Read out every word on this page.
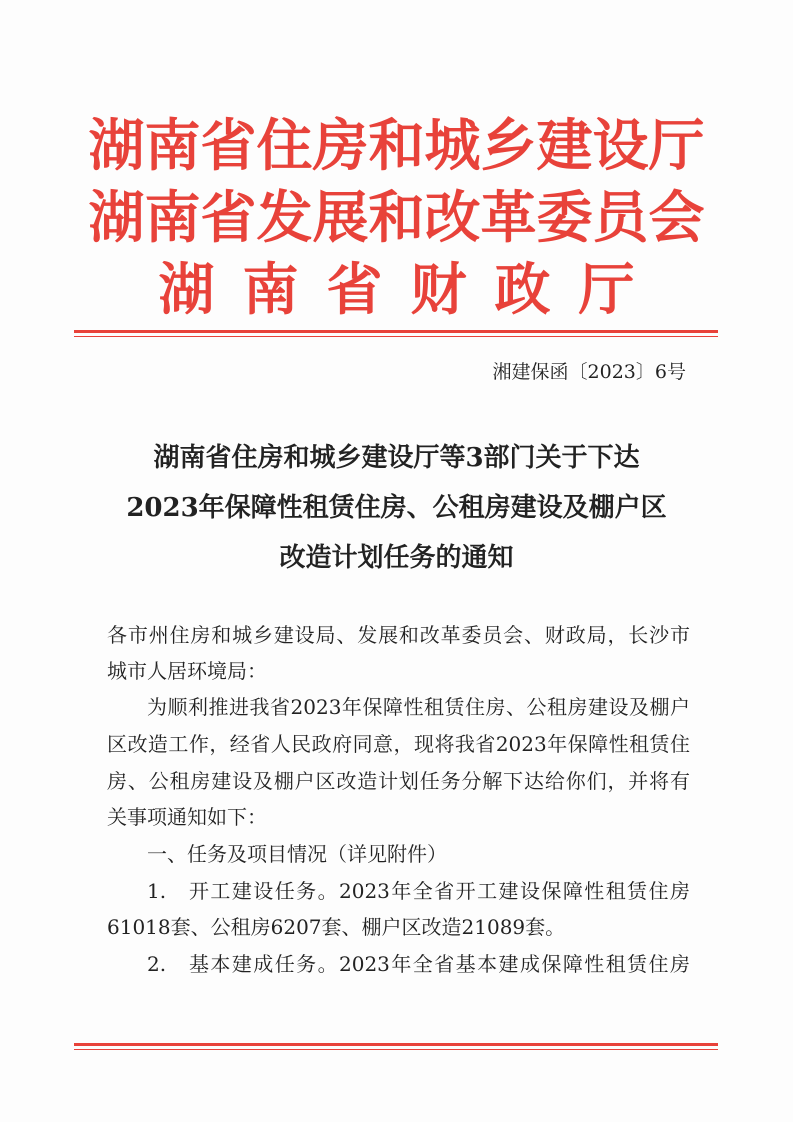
湖南省住房和城乡建设厅
湖南省发展和改革委员会
湖南省财政厅
湘建保函〔2023〕6号
湖南省住房和城乡建设厅等3部门关于下达
2023年保障性租赁住房、公租房建设及棚户区
改造计划任务的通知
各市州住房和城乡建设局、发展和改革委员会、财政局，长沙市
城市人居环境局：
为顺利推进我省2023年保障性租赁住房、公租房建设及棚户
区改造工作，经省人民政府同意，现将我省2023年保障性租赁住
房、公租房建设及棚户区改造计划任务分解下达给你们，并将有
关事项通知如下：
一、任务及项目情况（详见附件）
1.　开工建设任务。2023年全省开工建设保障性租赁住房
61018套、公租房6207套、棚户区改造21089套。
2.　基本建成任务。2023年全省基本建成保障性租赁住房
